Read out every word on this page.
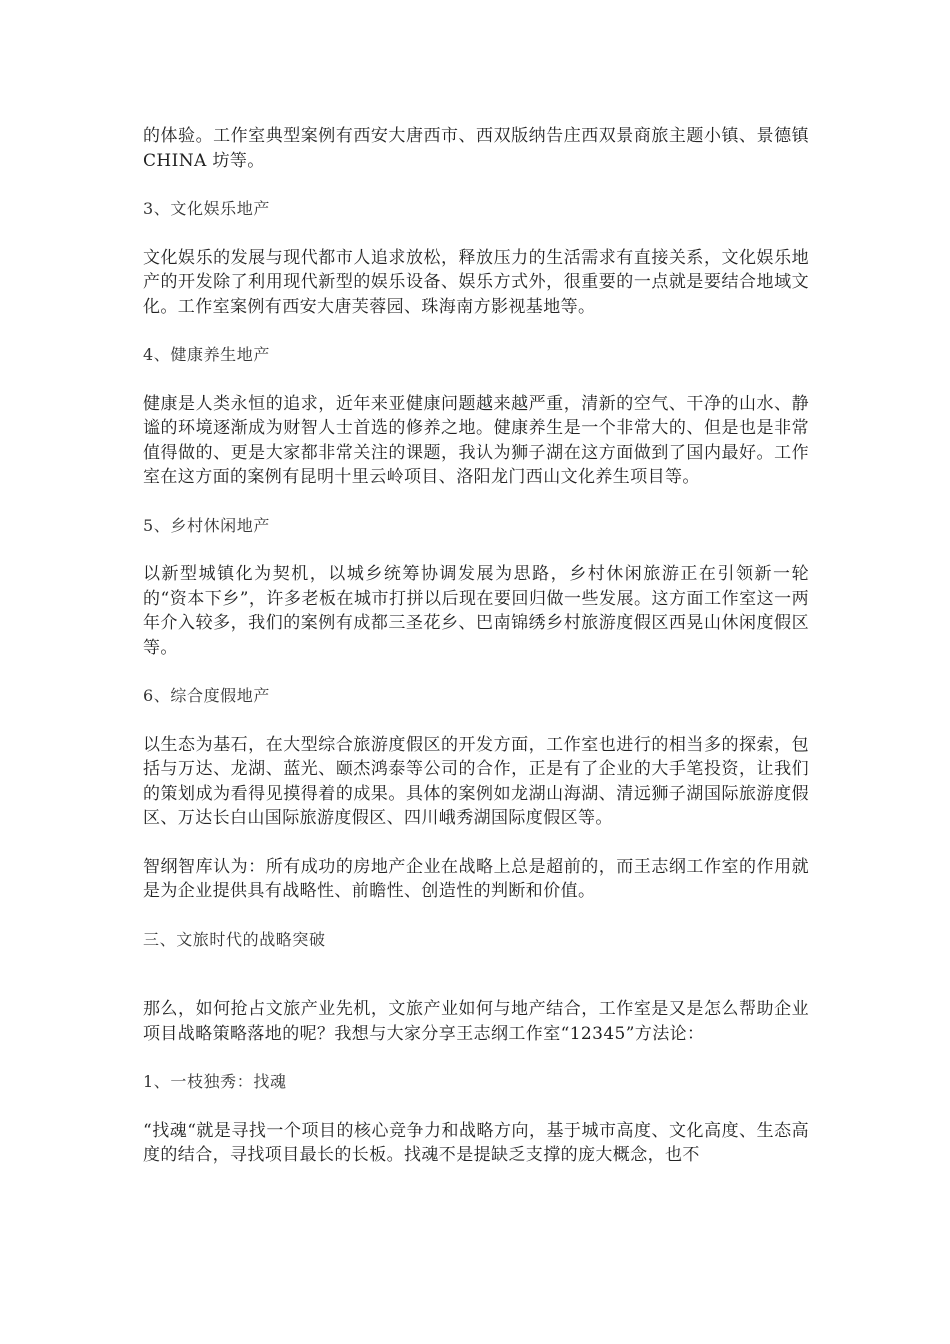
的体验。工作室典型案例有西安大唐西市、西双版纳告庄西双景商旅主题小镇、景德镇 CHINA 坊等。

3、文化娱乐地产

文化娱乐的发展与现代都市人追求放松，释放压力的生活需求有直接关系，文化娱乐地产的开发除了利用现代新型的娱乐设备、娱乐方式外，很重要的一点就是要结合地域文化。工作室案例有西安大唐芙蓉园、珠海南方影视基地等。

4、健康养生地产

健康是人类永恒的追求，近年来亚健康问题越来越严重，清新的空气、干净的山水、静谧的环境逐渐成为财智人士首选的修养之地。健康养生是一个非常大的、但是也是非常值得做的、更是大家都非常关注的课题，我认为狮子湖在这方面做到了国内最好。工作室在这方面的案例有昆明十里云岭项目、洛阳龙门西山文化养生项目等。

5、乡村休闲地产

以新型城镇化为契机，以城乡统筹协调发展为思路，乡村休闲旅游正在引领新一轮的“资本下乡”，许多老板在城市打拼以后现在要回归做一些发展。这方面工作室这一两年介入较多，我们的案例有成都三圣花乡、巴南锦绣乡村旅游度假区西晃山休闲度假区等。

6、综合度假地产

以生态为基石，在大型综合旅游度假区的开发方面，工作室也进行的相当多的探索，包括与万达、龙湖、蓝光、颐杰鸿泰等公司的合作，正是有了企业的大手笔投资，让我们的策划成为看得见摸得着的成果。具体的案例如龙湖山海湖、清远狮子湖国际旅游度假区、万达长白山国际旅游度假区、四川峨秀湖国际度假区等。

智纲智库认为：所有成功的房地产企业在战略上总是超前的，而王志纲工作室的作用就是为企业提供具有战略性、前瞻性、创造性的判断和价值。

三、文旅时代的战略突破

那么，如何抢占文旅产业先机，文旅产业如何与地产结合，工作室是又是怎么帮助企业项目战略策略落地的呢？我想与大家分享王志纲工作室“12345”方法论：

1、一枝独秀：找魂

“找魂“就是寻找一个项目的核心竞争力和战略方向，基于城市高度、文化高度、生态高度的结合，寻找项目最长的长板。找魂不是提缺乏支撑的庞大概念，也不
